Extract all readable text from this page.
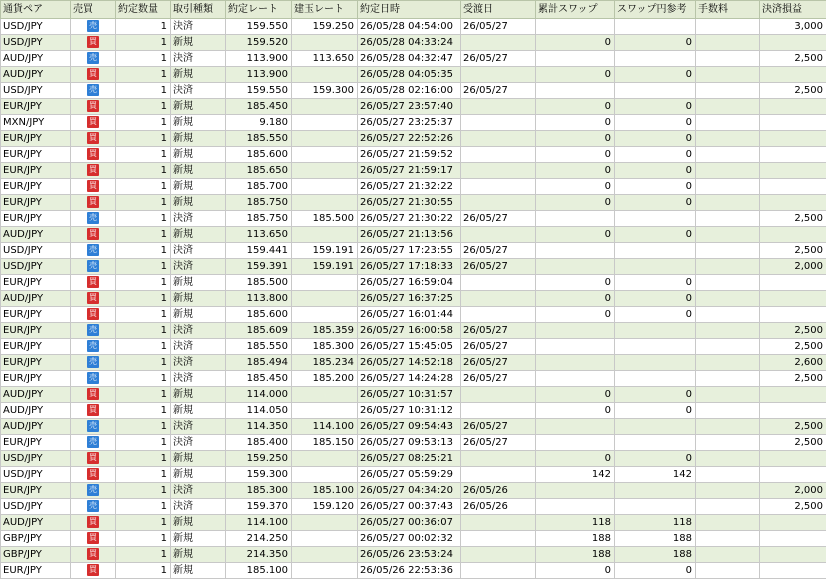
通貨ペア	売買	約定数量	取引種類	約定レート	建玉レート	約定日時	受渡日	累計スワップ	スワップ円参考	手数料	決済損益
USD/JPY	売	1	決済	159.550	159.250	26/05/28 04:54:00	26/05/27				3,000
USD/JPY	買	1	新規	159.520		26/05/28 04:33:24		0	0		
AUD/JPY	売	1	決済	113.900	113.650	26/05/28 04:32:47	26/05/27				2,500
AUD/JPY	買	1	新規	113.900		26/05/28 04:05:35		0	0		
USD/JPY	売	1	決済	159.550	159.300	26/05/28 02:16:00	26/05/27				2,500
EUR/JPY	買	1	新規	185.450		26/05/27 23:57:40		0	0		
MXN/JPY	買	1	新規	9.180		26/05/27 23:25:37		0	0		
EUR/JPY	買	1	新規	185.550		26/05/27 22:52:26		0	0		
EUR/JPY	買	1	新規	185.600		26/05/27 21:59:52		0	0		
EUR/JPY	買	1	新規	185.650		26/05/27 21:59:17		0	0		
EUR/JPY	買	1	新規	185.700		26/05/27 21:32:22		0	0		
EUR/JPY	買	1	新規	185.750		26/05/27 21:30:55		0	0		
EUR/JPY	売	1	決済	185.750	185.500	26/05/27 21:30:22	26/05/27				2,500
AUD/JPY	買	1	新規	113.650		26/05/27 21:13:56		0	0		
USD/JPY	売	1	決済	159.441	159.191	26/05/27 17:23:55	26/05/27				2,500
USD/JPY	売	1	決済	159.391	159.191	26/05/27 17:18:33	26/05/27				2,000
EUR/JPY	買	1	新規	185.500		26/05/27 16:59:04		0	0		
AUD/JPY	買	1	新規	113.800		26/05/27 16:37:25		0	0		
EUR/JPY	買	1	新規	185.600		26/05/27 16:01:44		0	0		
EUR/JPY	売	1	決済	185.609	185.359	26/05/27 16:00:58	26/05/27				2,500
EUR/JPY	売	1	決済	185.550	185.300	26/05/27 15:45:05	26/05/27				2,500
EUR/JPY	売	1	決済	185.494	185.234	26/05/27 14:52:18	26/05/27				2,600
EUR/JPY	売	1	決済	185.450	185.200	26/05/27 14:24:28	26/05/27				2,500
AUD/JPY	買	1	新規	114.000		26/05/27 10:31:57		0	0		
AUD/JPY	買	1	新規	114.050		26/05/27 10:31:12		0	0		
AUD/JPY	売	1	決済	114.350	114.100	26/05/27 09:54:43	26/05/27				2,500
EUR/JPY	売	1	決済	185.400	185.150	26/05/27 09:53:13	26/05/27				2,500
USD/JPY	買	1	新規	159.250		26/05/27 08:25:21		0	0		
USD/JPY	買	1	新規	159.300		26/05/27 05:59:29		142	142		
EUR/JPY	売	1	決済	185.300	185.100	26/05/27 04:34:20	26/05/26				2,000
USD/JPY	売	1	決済	159.370	159.120	26/05/27 00:37:43	26/05/26				2,500
AUD/JPY	買	1	新規	114.100		26/05/27 00:36:07		118	118		
GBP/JPY	買	1	新規	214.250		26/05/27 00:02:32		188	188		
GBP/JPY	買	1	新規	214.350		26/05/26 23:53:24		188	188		
EUR/JPY	買	1	新規	185.100		26/05/26 22:53:36		0	0		
